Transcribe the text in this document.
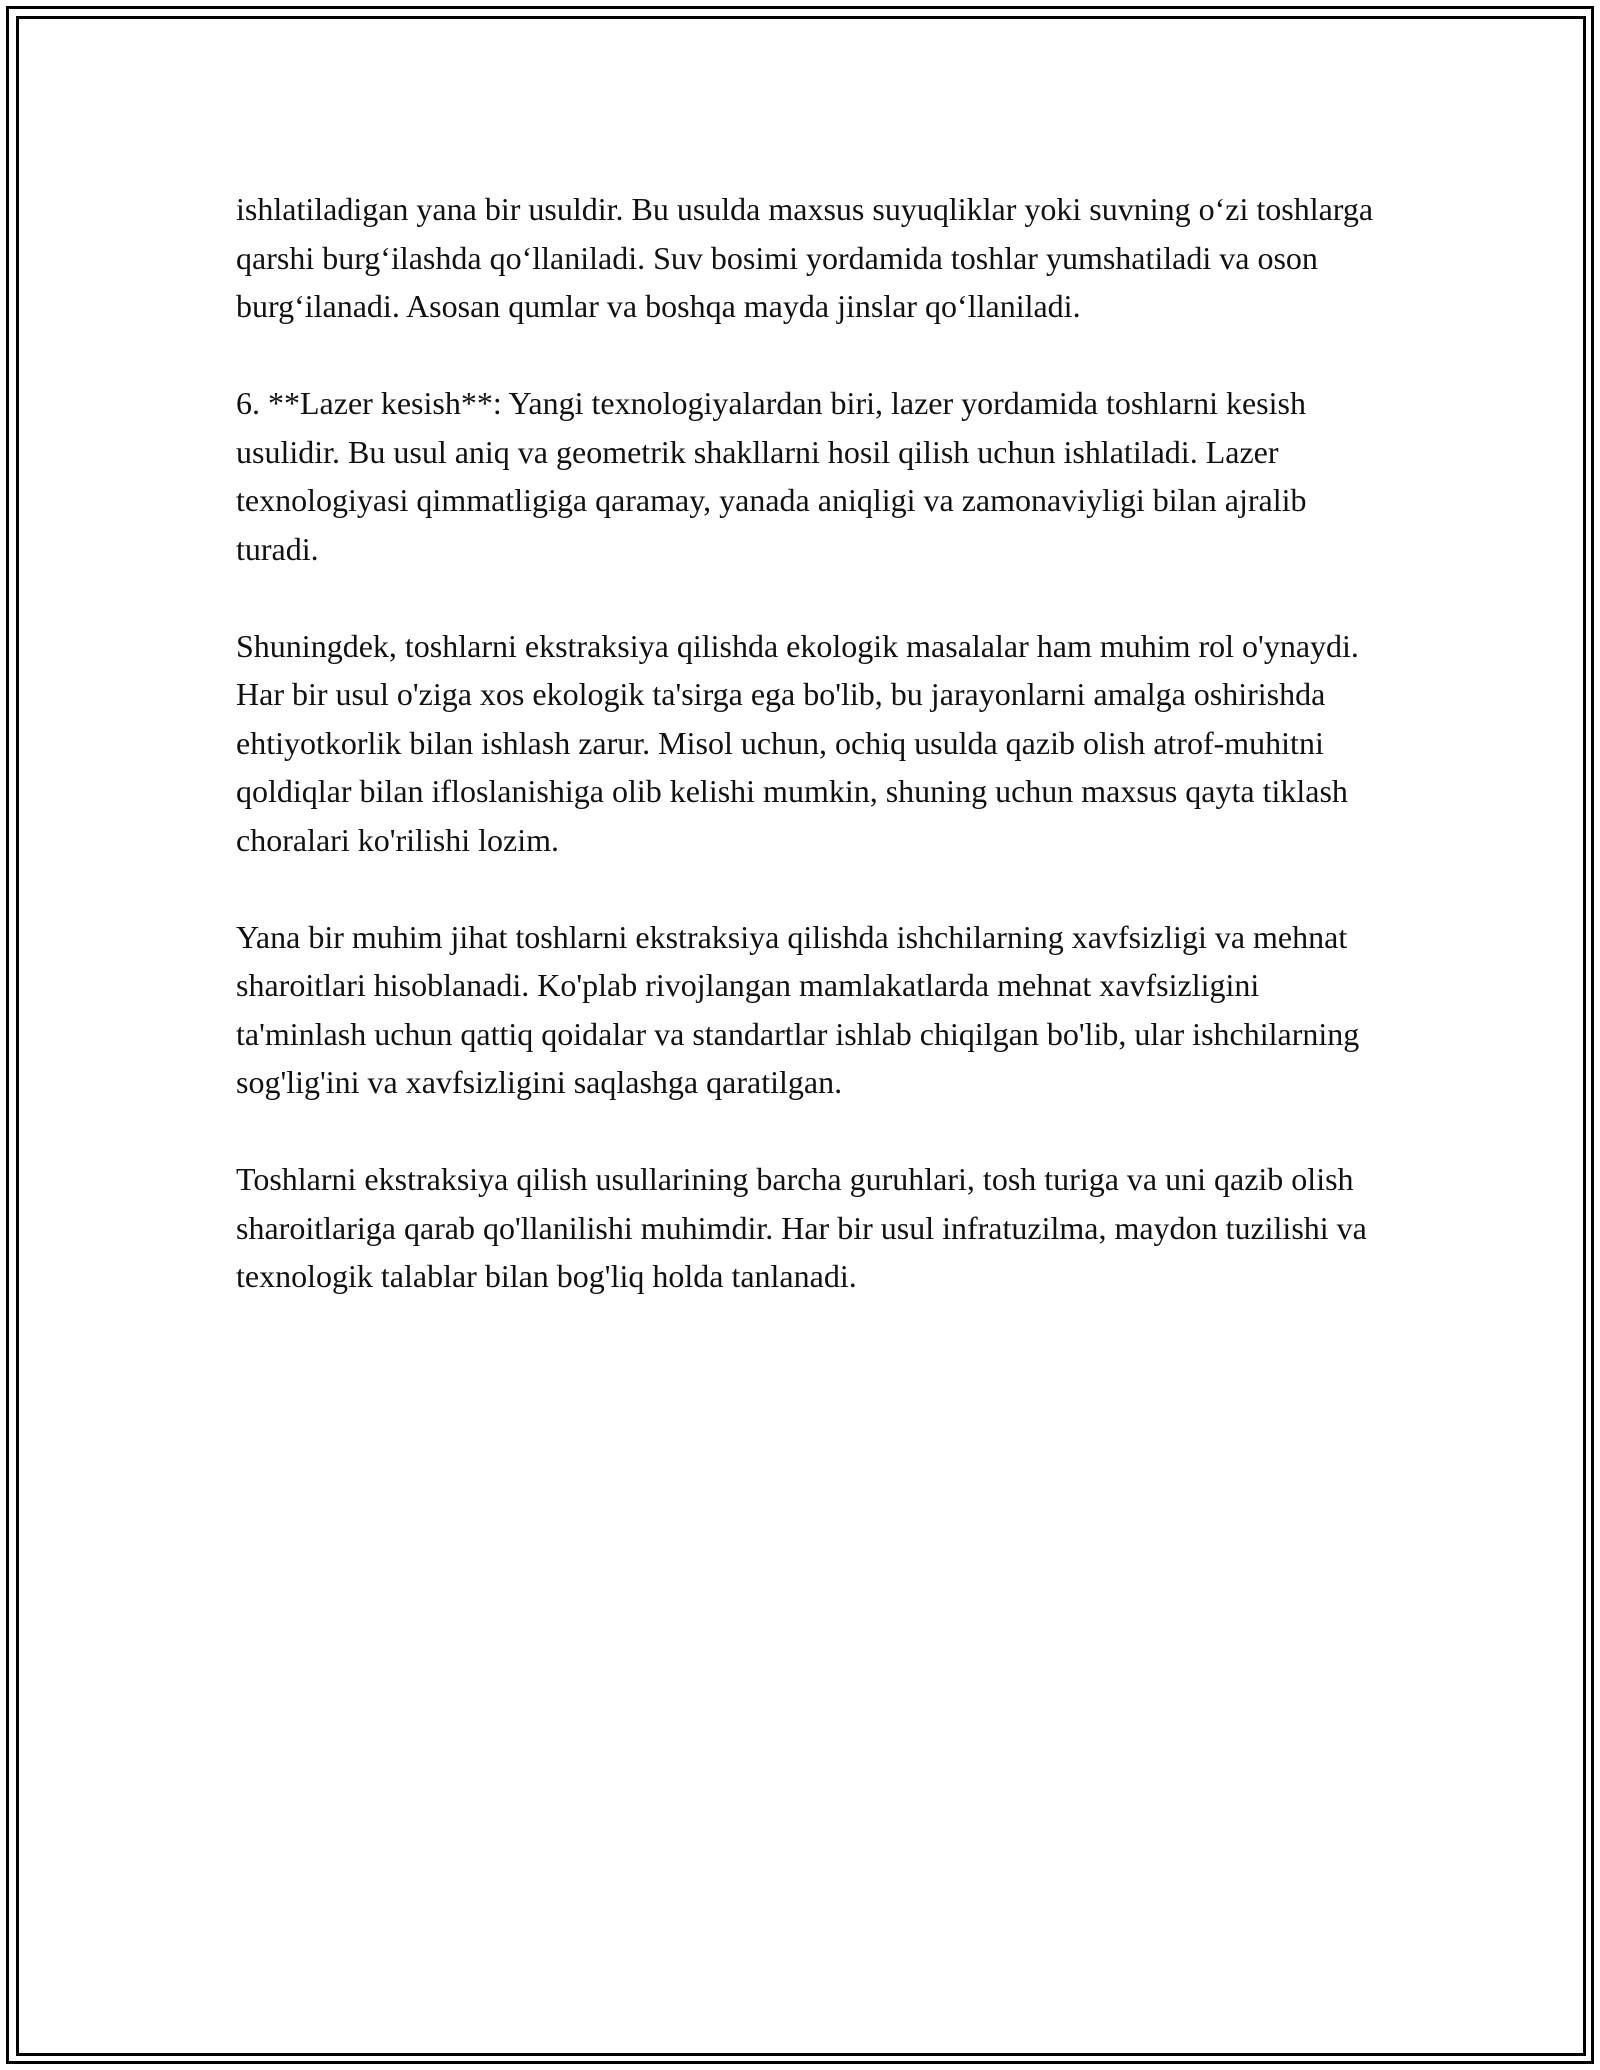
ishlatiladigan yana bir usuldir. Bu usulda maxsus suyuqliklar yoki suvning o‘zi toshlarga qarshi burg‘ilashda qo‘llaniladi. Suv bosimi yordamida toshlar yumshatiladi va oson burg‘ilanadi. Asosan qumlar va boshqa mayda jinslar qo‘llaniladi.

6. **Lazer kesish**: Yangi texnologiyalardan biri, lazer yordamida toshlarni kesish usulidir. Bu usul aniq va geometrik shakllarni hosil qilish uchun ishlatiladi. Lazer texnologiyasi qimmatligiga qaramay, yanada aniqligi va zamonaviyligi bilan ajralib turadi.

Shuningdek, toshlarni ekstraksiya qilishda ekologik masalalar ham muhim rol o'ynaydi. Har bir usul o'ziga xos ekologik ta'sirga ega bo'lib, bu jarayonlarni amalga oshirishda ehtiyotkorlik bilan ishlash zarur. Misol uchun, ochiq usulda qazib olish atrof-muhitni qoldiqlar bilan ifloslanishiga olib kelishi mumkin, shuning uchun maxsus qayta tiklash choralari ko'rilishi lozim.

Yana bir muhim jihat toshlarni ekstraksiya qilishda ishchilarning xavfsizligi va mehnat sharoitlari hisoblanadi. Ko'plab rivojlangan mamlakatlarda mehnat xavfsizligini ta'minlash uchun qattiq qoidalar va standartlar ishlab chiqilgan bo'lib, ular ishchilarning sog'lig'ini va xavfsizligini saqlashga qaratilgan.

Toshlarni ekstraksiya qilish usullarining barcha guruhlari, tosh turiga va uni qazib olish sharoitlariga qarab qo'llanilishi muhimdir. Har bir usul infratuzilma, maydon tuzilishi va texnologik talablar bilan bog'liq holda tanlanadi.
